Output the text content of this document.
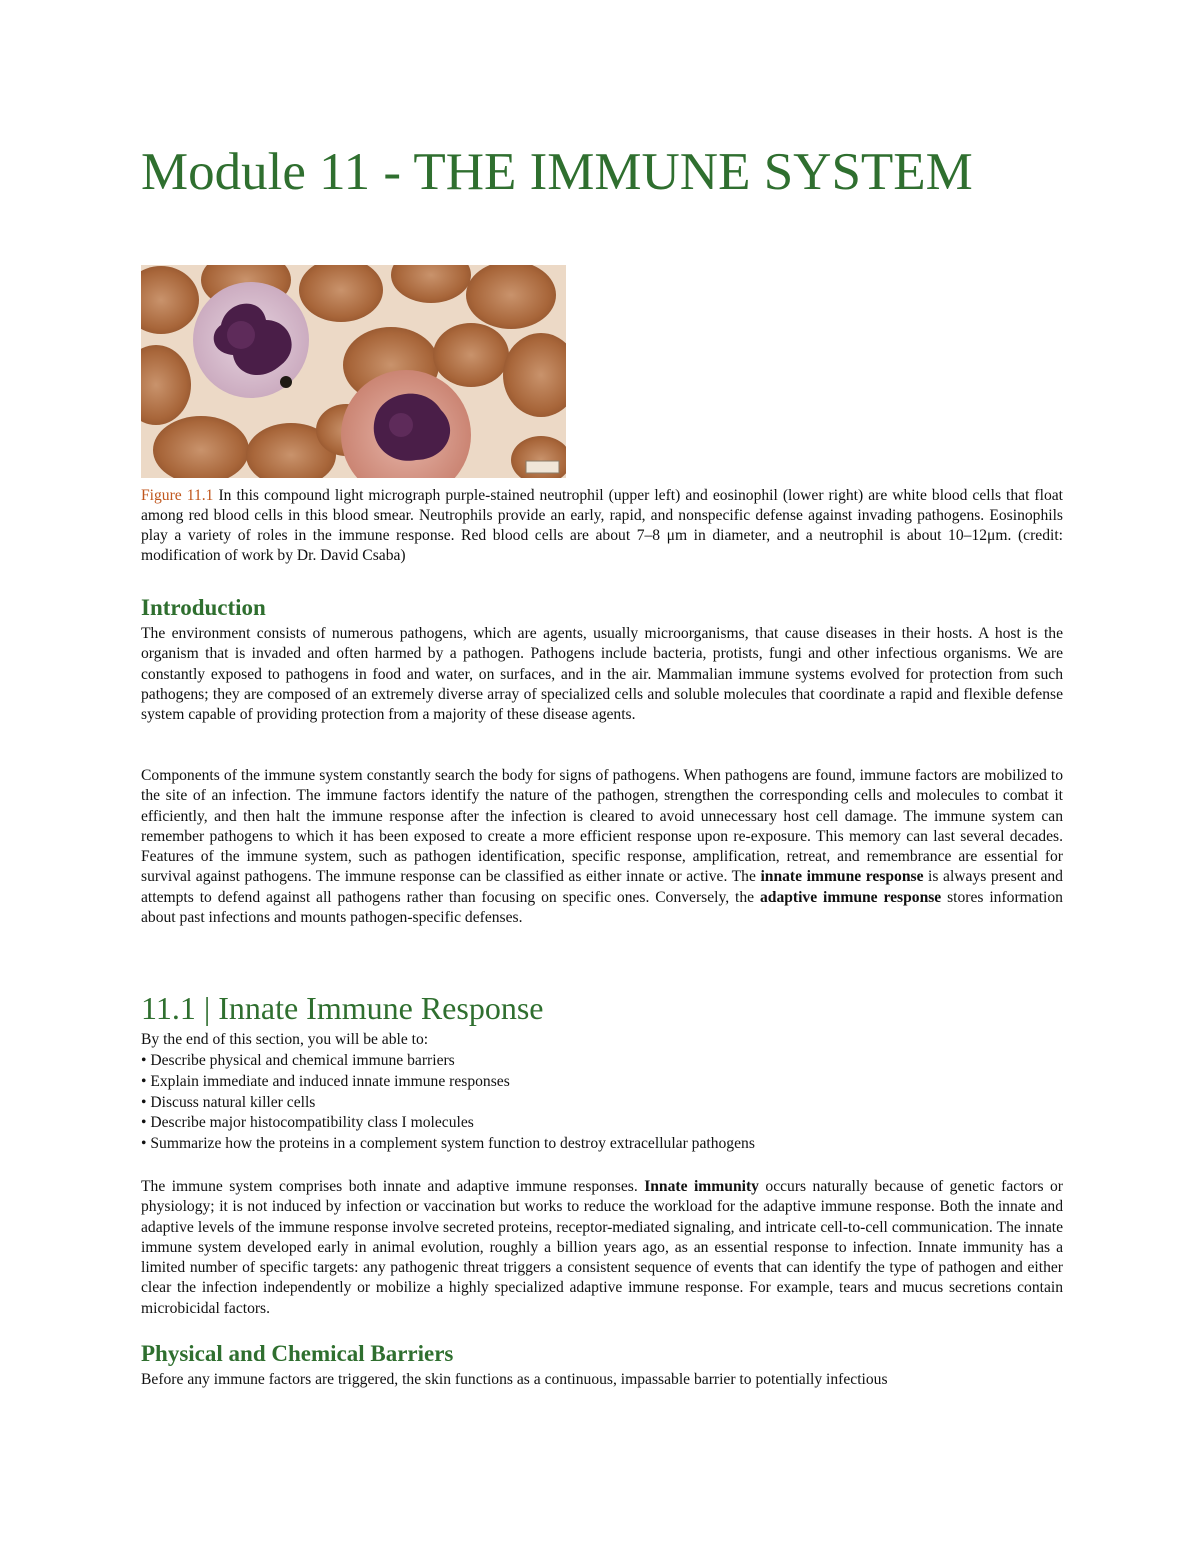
Module 11 - THE IMMUNE SYSTEM

Figure 11.1 In this compound light micrograph purple-stained neutrophil (upper left) and eosinophil (lower right) are white blood cells that float among red blood cells in this blood smear. Neutrophils provide an early, rapid, and nonspecific defense against invading pathogens. Eosinophils play a variety of roles in the immune response. Red blood cells are about 7–8 μm in diameter, and a neutrophil is about 10–12μm. (credit: modification of work by Dr. David Csaba)

Introduction

The environment consists of numerous pathogens, which are agents, usually microorganisms, that cause diseases in their hosts. A host is the organism that is invaded and often harmed by a pathogen. Pathogens include bacteria, protists, fungi and other infectious organisms. We are constantly exposed to pathogens in food and water, on surfaces, and in the air. Mammalian immune systems evolved for protection from such pathogens; they are composed of an extremely diverse array of specialized cells and soluble molecules that coordinate a rapid and flexible defense system capable of providing protection from a majority of these disease agents.

Components of the immune system constantly search the body for signs of pathogens. When pathogens are found, immune factors are mobilized to the site of an infection. The immune factors identify the nature of the pathogen, strengthen the corresponding cells and molecules to combat it efficiently, and then halt the immune response after the infection is cleared to avoid unnecessary host cell damage. The immune system can remember pathogens to which it has been exposed to create a more efficient response upon re-exposure. This memory can last several decades. Features of the immune system, such as pathogen identification, specific response, amplification, retreat, and remembrance are essential for survival against pathogens. The immune response can be classified as either innate or active. The innate immune response is always present and attempts to defend against all pathogens rather than focusing on specific ones. Conversely, the adaptive immune response stores information about past infections and mounts pathogen-specific defenses.

11.1 | Innate Immune Response
By the end of this section, you will be able to:
• Describe physical and chemical immune barriers
• Explain immediate and induced innate immune responses
• Discuss natural killer cells
• Describe major histocompatibility class I molecules
• Summarize how the proteins in a complement system function to destroy extracellular pathogens

The immune system comprises both innate and adaptive immune responses. Innate immunity occurs naturally because of genetic factors or physiology; it is not induced by infection or vaccination but works to reduce the workload for the adaptive immune response. Both the innate and adaptive levels of the immune response involve secreted proteins, receptor-mediated signaling, and intricate cell-to-cell communication. The innate immune system developed early in animal evolution, roughly a billion years ago, as an essential response to infection. Innate immunity has a limited number of specific targets: any pathogenic threat triggers a consistent sequence of events that can identify the type of pathogen and either clear the infection independently or mobilize a highly specialized adaptive immune response. For example, tears and mucus secretions contain microbicidal factors.

Physical and Chemical Barriers

Before any immune factors are triggered, the skin functions as a continuous, impassable barrier to potentially infectious
